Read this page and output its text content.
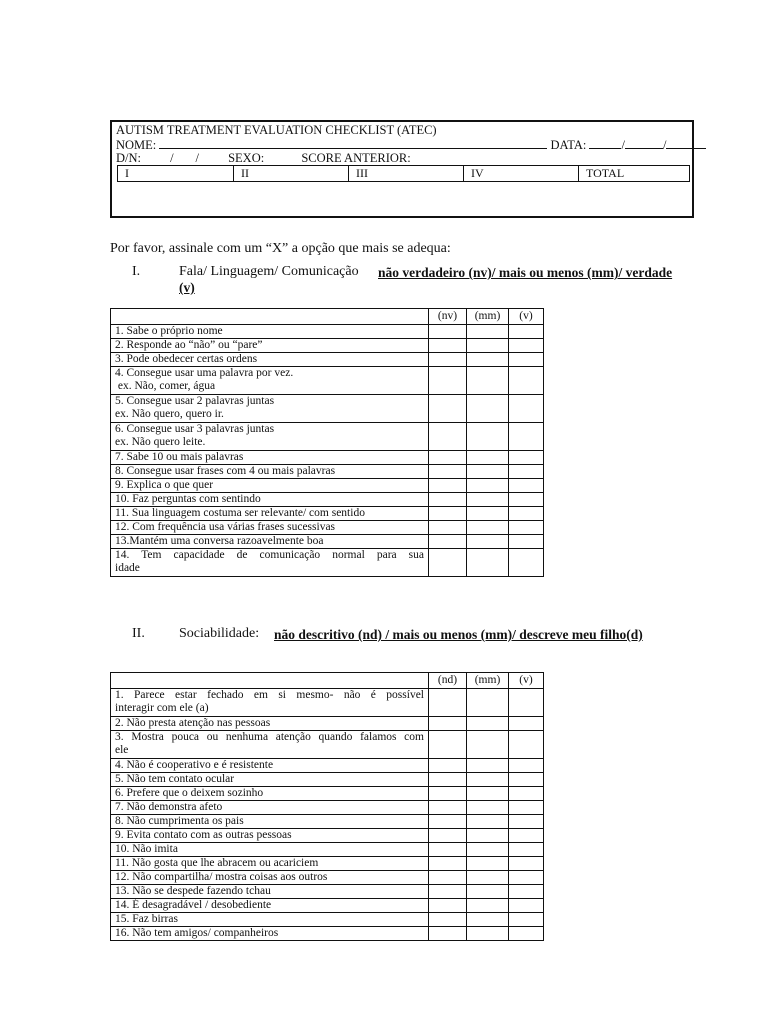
AUTISM TREATMENT EVALUATION CHECKLIST (ATEC)
NOME:	DATA:	/	/
D/N: /       / SEXO:	SCORE ANTERIOR:
I	II	III	IV	TOTAL
Por favor, assinale com um “X” a opção que mais se adequa:
I.	Fala/ Linguagem/ Comunicação não verdadeiro (nv)/ mais ou menos (mm)/ verdade
(v)
	(nv)	(mm)	(v)

1. Sabe o próprio nome			

2. Responde ao “não” ou “pare”			

3. Pode obedecer certas ordens			

4. Consegue usar uma palavra por vez.
ex. Não, comer, água			

5. Consegue usar 2 palavras juntas
ex. Não quero, quero ir.			

6. Consegue usar 3 palavras juntas
ex. Não quero leite.			

7. Sabe 10 ou mais palavras			

8. Consegue usar frases com 4 ou mais palavras			

9. Explica o que quer			

10. Faz perguntas com sentindo			

11. Sua linguagem costuma ser relevante/ com sentido			

12. Com frequência usa várias frases sucessivas			

13.Mantém uma conversa razoavelmente boa			

14. Tem capacidade de comunicação normal para sua
idade			

II. Sociabilidade: não descritivo (nd) / mais ou menos (mm)/ descreve meu filho(d)
	(nd)	(mm)	(v)

1. Parece estar fechado em si mesmo- não é possível
interagir com ele (a)			

2. Não presta atenção nas pessoas			

3. Mostra pouca ou nenhuma atenção quando falamos com
ele			

4. Não é cooperativo e é resistente			

5. Não tem contato ocular			

6. Prefere que o deixem sozinho			

7. Não demonstra afeto			

8. Não cumprimenta os pais			

9. Evita contato com as outras pessoas			

10. Não imita			

11. Não gosta que lhe abracem ou acariciem			

12. Não compartilha/ mostra coisas aos outros			

13. Não se despede fazendo tchau			

14. É desagradável / desobediente			

15. Faz birras			

16. Não tem amigos/ companheiros			
